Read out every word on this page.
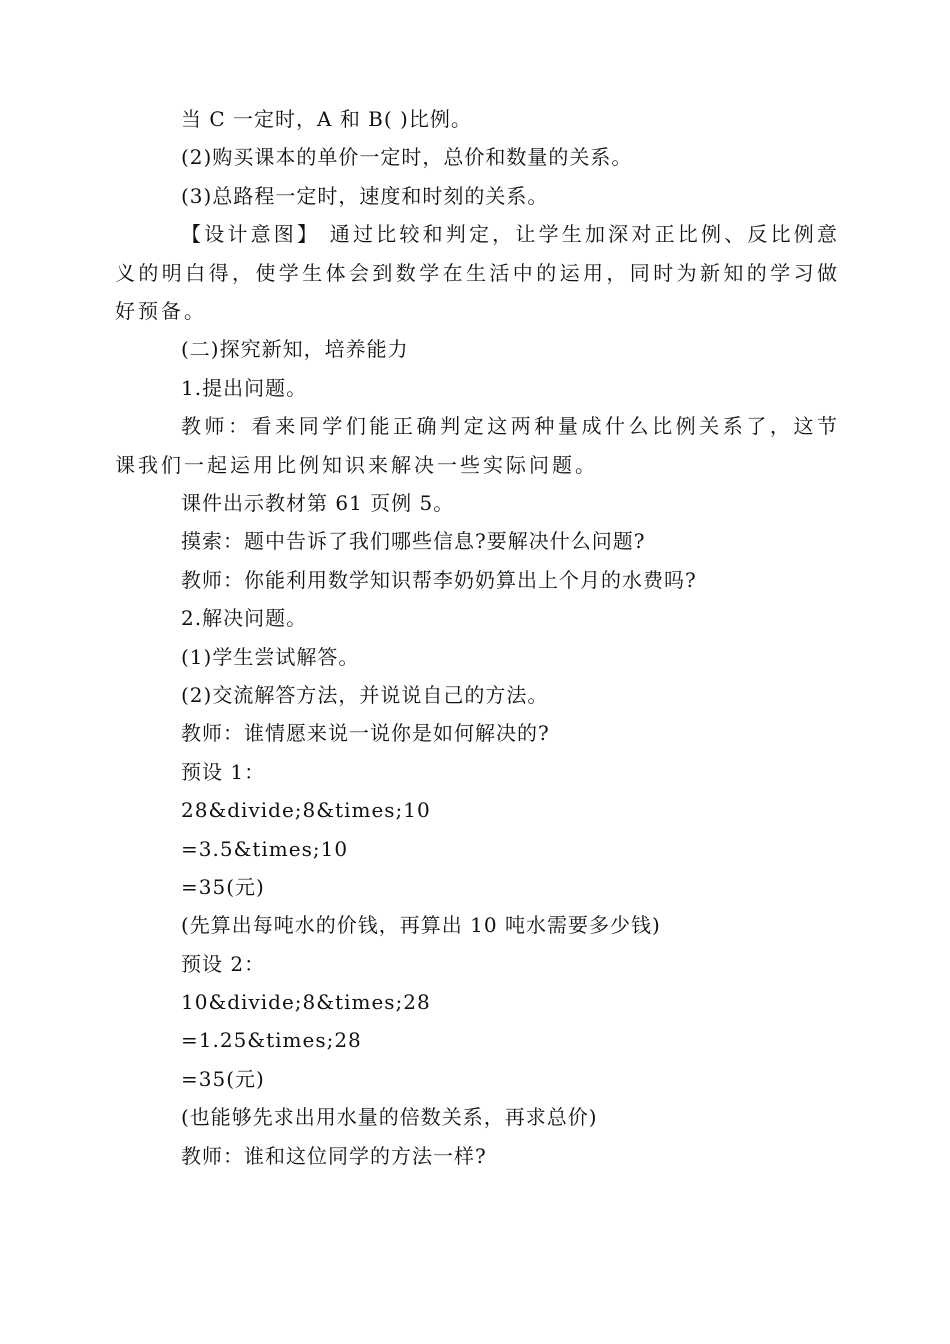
当 C 一定时，A 和 B( )比例。
(2)购买课本的单价一定时，总价和数量的关系。
(3)总路程一定时，速度和时刻的关系。
【设计意图】 通过比较和判定，让学生加深对正比例、反比例意义的明白得，使学生体会到数学在生活中的运用，同时为新知的学习做好预备。
(二)探究新知，培养能力
1.提出问题。
教师：看来同学们能正确判定这两种量成什么比例关系了，这节课我们一起运用比例知识来解决一些实际问题。
课件出示教材第 61 页例 5。
摸索：题中告诉了我们哪些信息?要解决什么问题?
教师：你能利用数学知识帮李奶奶算出上个月的水费吗?
2.解决问题。
(1)学生尝试解答。
(2)交流解答方法，并说说自己的方法。
教师：谁情愿来说一说你是如何解决的?
预设 1：
28&divide;8&times;10
=3.5&times;10
=35(元)
(先算出每吨水的价钱，再算出 10 吨水需要多少钱)
预设 2：
10&divide;8&times;28
=1.25&times;28
=35(元)
(也能够先求出用水量的倍数关系，再求总价)
教师：谁和这位同学的方法一样?
